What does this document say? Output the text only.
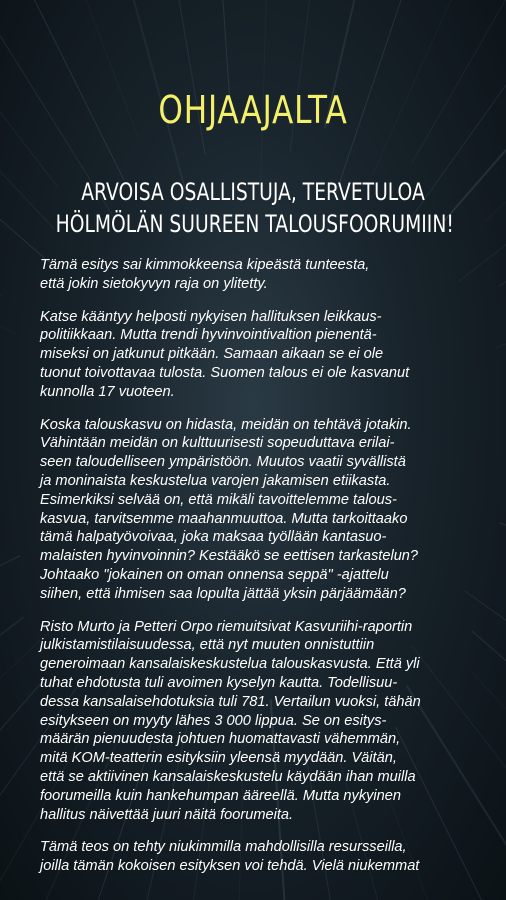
OHJAAJALTA
ARVOISA OSALLISTUJA, TERVETULOA
HÖLMÖLÄN SUUREEN TALOUSFOORUMIIN!
Tämä esitys sai kimmokkeensa kipeästä tunteesta,
että jokin sietokyvyn raja on ylitetty.
Katse kääntyy helposti nykyisen hallituksen leikkaus-
politiikkaan. Mutta trendi hyvinvointivaltion pienentä-
miseksi on jatkunut pitkään. Samaan aikaan se ei ole
tuonut toivottavaa tulosta. Suomen talous ei ole kasvanut
kunnolla 17 vuoteen.
Koska talouskasvu on hidasta, meidän on tehtävä jotakin.
Vähintään meidän on kulttuurisesti sopeuduttava erilai-
seen taloudelliseen ympäristöön. Muutos vaatii syvällistä
ja moninaista keskustelua varojen jakamisen etiikasta.
Esimerkiksi selvää on, että mikäli tavoittelemme talous-
kasvua, tarvitsemme maahanmuuttoa. Mutta tarkoittaako
tämä halpatyövoivaa, joka maksaa työllään kantasuo-
malaisten hyvinvoinnin? Kestääkö se eettisen tarkastelun?
Johtaako "jokainen on oman onnensa seppä" -ajattelu
siihen, että ihmisen saa lopulta jättää yksin pärjäämään?
Risto Murto ja Petteri Orpo riemuitsivat Kasvuriihi-raportin
julkistamistilaisuudessa, että nyt muuten onnistuttiin
generoimaan kansalaiskeskustelua talouskasvusta. Että yli
tuhat ehdotusta tuli avoimen kyselyn kautta. Todellisuu-
dessa kansalaisehdotuksia tuli 781. Vertailun vuoksi, tähän
esitykseen on myyty lähes 3 000 lippua. Se on esitys-
määrän pienuudesta johtuen huomattavasti vähemmän,
mitä KOM-teatterin esityksiin yleensä myydään. Väitän,
että se aktiivinen kansalaiskeskustelu käydään ihan muilla
foorumeilla kuin hankehumpan ääreellä. Mutta nykyinen
hallitus näivettää juuri näitä foorumeita.
Tämä teos on tehty niukimmilla mahdollisilla resursseilla,
joilla tämän kokoisen esityksen voi tehdä. Vielä niukemmat
